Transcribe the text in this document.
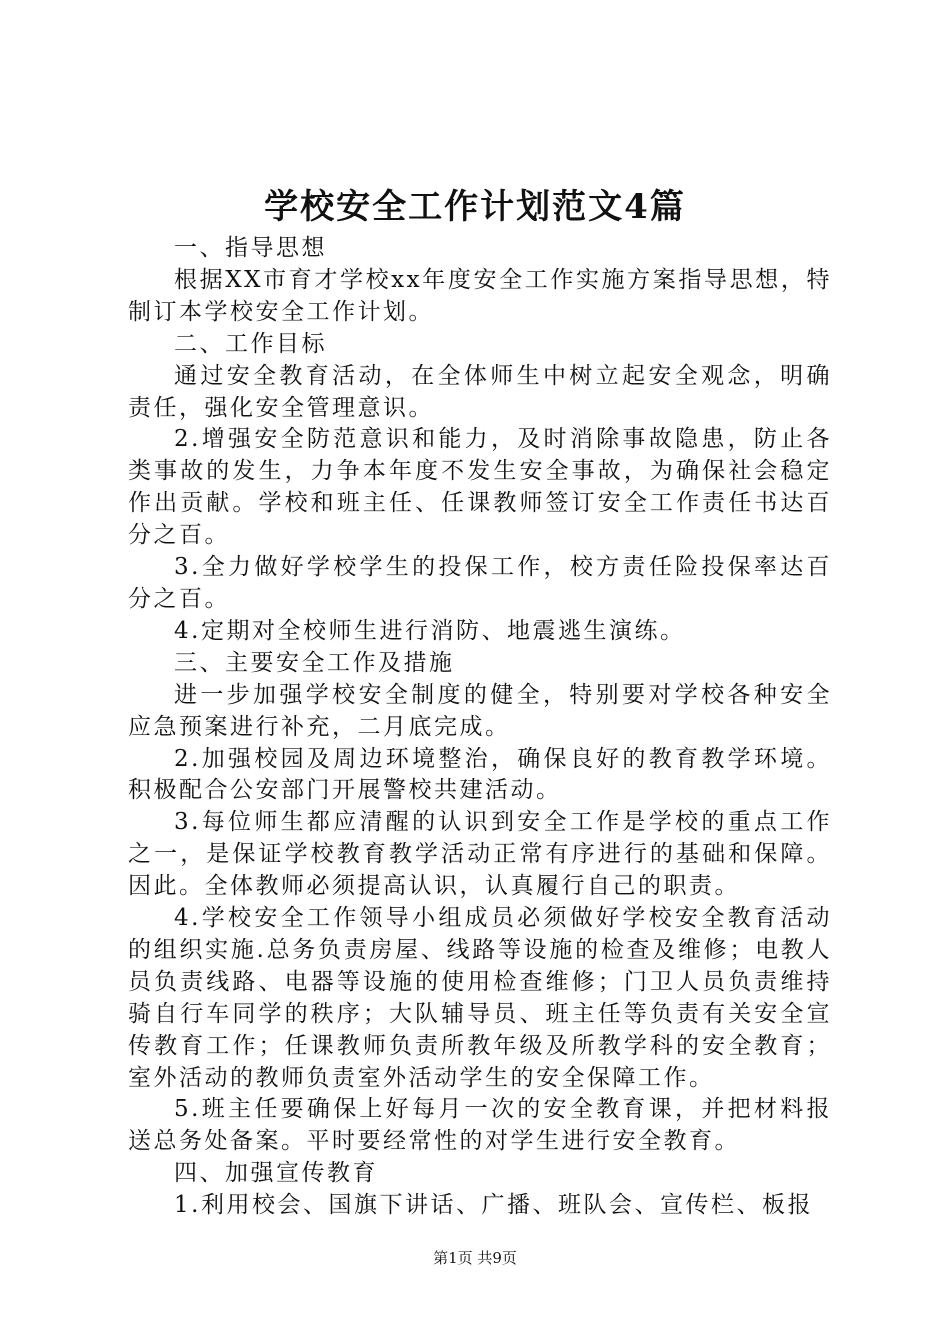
学校安全工作计划范文4篇

一、指导思想

根据XX市育才学校xx年度安全工作实施方案指导思想，特制订本学校安全工作计划。

二、工作目标

通过安全教育活动，在全体师生中树立起安全观念，明确责任，强化安全管理意识。

2.增强安全防范意识和能力，及时消除事故隐患，防止各类事故的发生，力争本年度不发生安全事故，为确保社会稳定作出贡献。学校和班主任、任课教师签订安全工作责任书达百分之百。

3.全力做好学校学生的投保工作，校方责任险投保率达百分之百。

4.定期对全校师生进行消防、地震逃生演练。

三、主要安全工作及措施

进一步加强学校安全制度的健全，特别要对学校各种安全应急预案进行补充，二月底完成。

2.加强校园及周边环境整治，确保良好的教育教学环境。积极配合公安部门开展警校共建活动。

3.每位师生都应清醒的认识到安全工作是学校的重点工作之一，是保证学校教育教学活动正常有序进行的基础和保障。因此。全体教师必须提高认识，认真履行自己的职责。

4.学校安全工作领导小组成员必须做好学校安全教育活动的组织实施.总务负责房屋、线路等设施的检查及维修；电教人员负责线路、电器等设施的使用检查维修；门卫人员负责维持骑自行车同学的秩序；大队辅导员、班主任等负责有关安全宣传教育工作；任课教师负责所教年级及所教学科的安全教育；室外活动的教师负责室外活动学生的安全保障工作。

5.班主任要确保上好每月一次的安全教育课，并把材料报送总务处备案。平时要经常性的对学生进行安全教育。

四、加强宣传教育

1.利用校会、国旗下讲话、广播、班队会、宣传栏、板报

第1页 共9页
